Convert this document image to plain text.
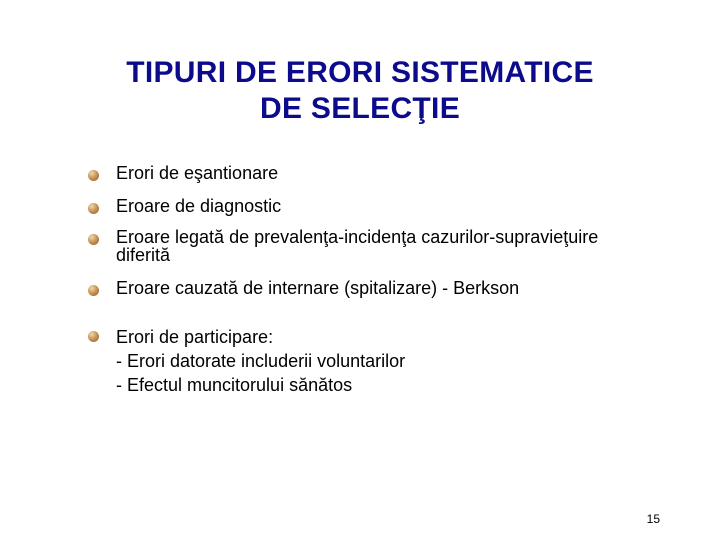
TIPURI DE ERORI SISTEMATICE
DE SELECŢIE
Erori de eşantionare
Eroare de diagnostic
Eroare legată de prevalenţa-incidenţa cazurilor-supravieţuire
diferită
Eroare cauzată de internare (spitalizare) - Berkson
Erori de participare:
- Erori datorate includerii voluntarilor
- Efectul muncitorului sănătos
15
